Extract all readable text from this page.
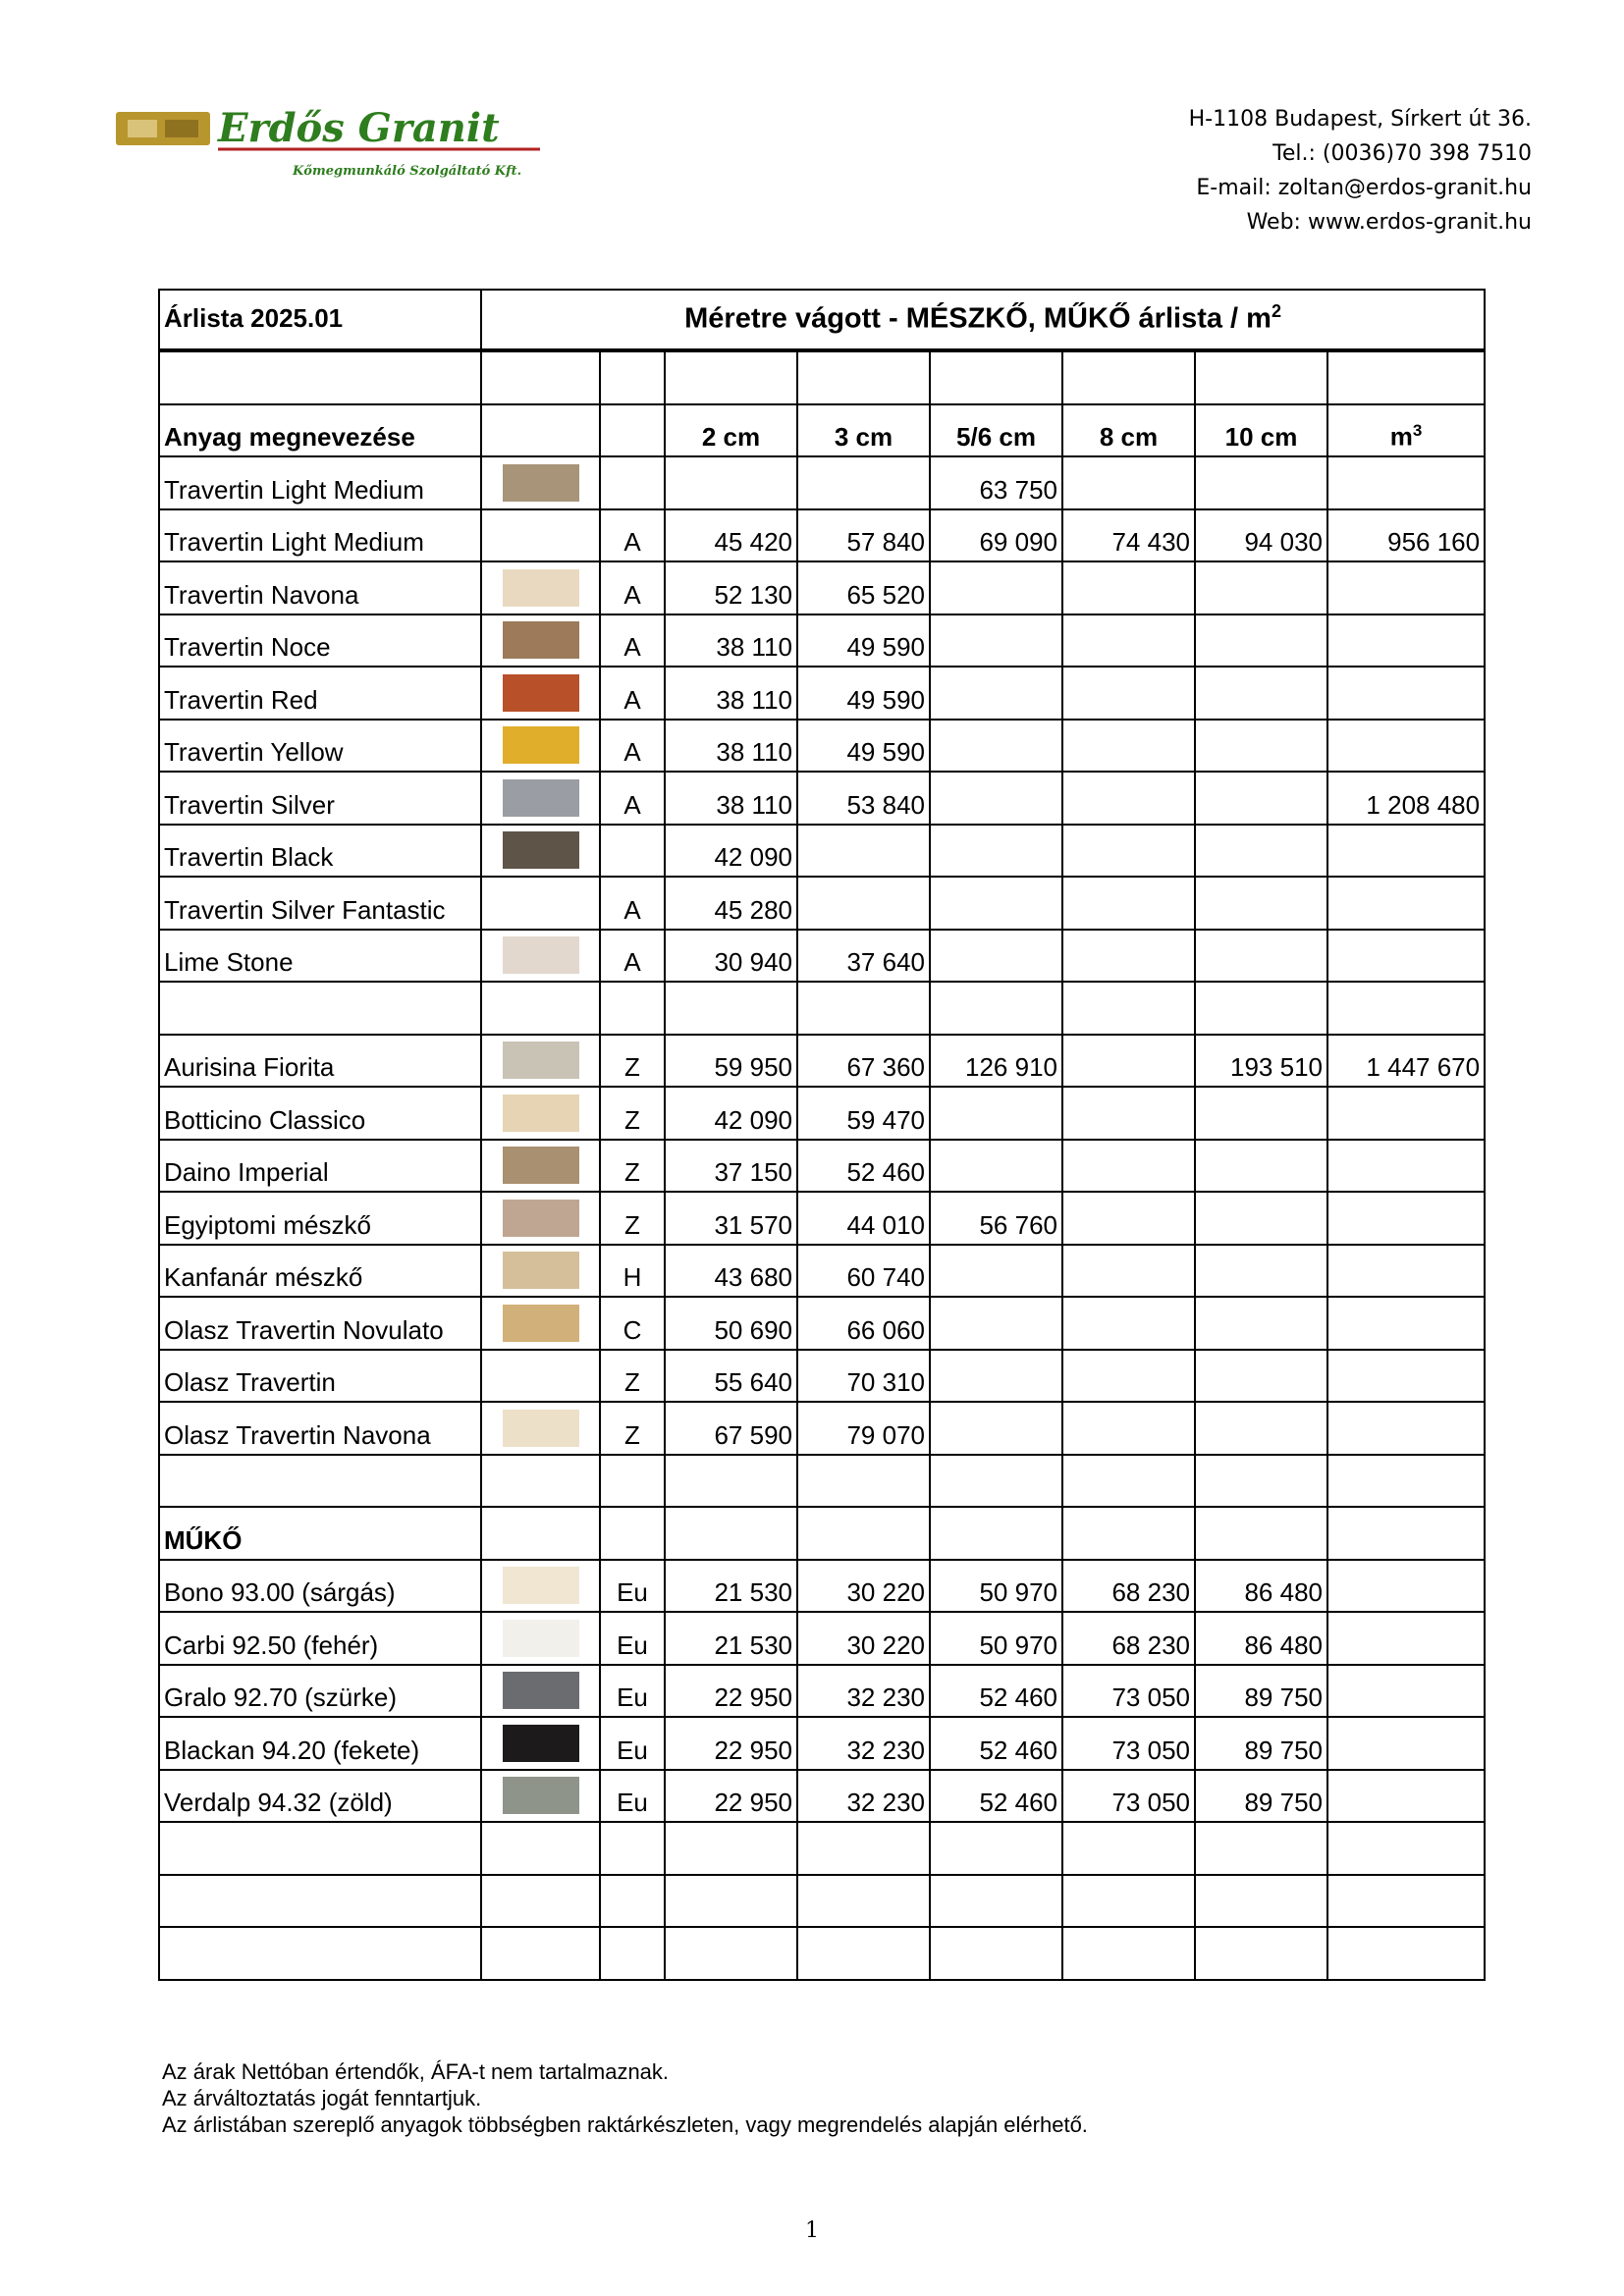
Erdős Granit
Kőmegmunkáló Szolgáltató Kft.
H-1108 Budapest, Sírkert út 36.
Tel.: (0036)70 398 7510
E-mail: zoltan@erdos-granit.hu
Web: www.erdos-granit.hu
Árlista 2025.01	Méretre vágott - MÉSZKŐ, MŰKŐ árlista / $m^2$

Anyag megnevezése			2 cm	3 cm	5/6 cm	8 cm	10 cm	$m^3$
Travertin Light Medium					63 750			
Travertin Light Medium		A	45 420	57 840	69 090	74 430	94 030	956 160
Travertin Navona		A	52 130	65 520				
Travertin Noce		A	38 110	49 590				
Travertin Red		A	38 110	49 590				
Travertin Yellow		A	38 110	49 590				
Travertin Silver		A	38 110	53 840				1 208 480
Travertin Black			42 090					
Travertin Silver Fantastic		A	45 280					
Lime Stone		A	30 940	37 640				

Aurisina Fiorita		Z	59 950	67 360	126 910		193 510	1 447 670
Botticino Classico		Z	42 090	59 470				
Daino Imperial		Z	37 150	52 460				
Egyiptomi mészkő		Z	31 570	44 010	56 760			
Kanfanár mészkő		H	43 680	60 740				
Olasz Travertin Novulato		C	50 690	66 060				
Olasz Travertin		Z	55 640	70 310				
Olasz Travertin Navona		Z	67 590	79 070				

MŰKŐ								
Bono 93.00 (sárgás)		Eu	21 530	30 220	50 970	68 230	86 480	
Carbi 92.50 (fehér)		Eu	21 530	30 220	50 970	68 230	86 480	
Gralo 92.70 (szürke)		Eu	22 950	32 230	52 460	73 050	89 750	
Blackan 94.20 (fekete)		Eu	22 950	32 230	52 460	73 050	89 750	
Verdalp 94.32 (zöld)		Eu	22 950	32 230	52 460	73 050	89 750	

Az árak Nettóban értendők, ÁFA-t nem tartalmaznak.
Az árváltoztatás jogát fenntartjuk.
Az árlistában szereplő anyagok többségben raktárkészleten, vagy megrendelés alapján elérhető.
1
